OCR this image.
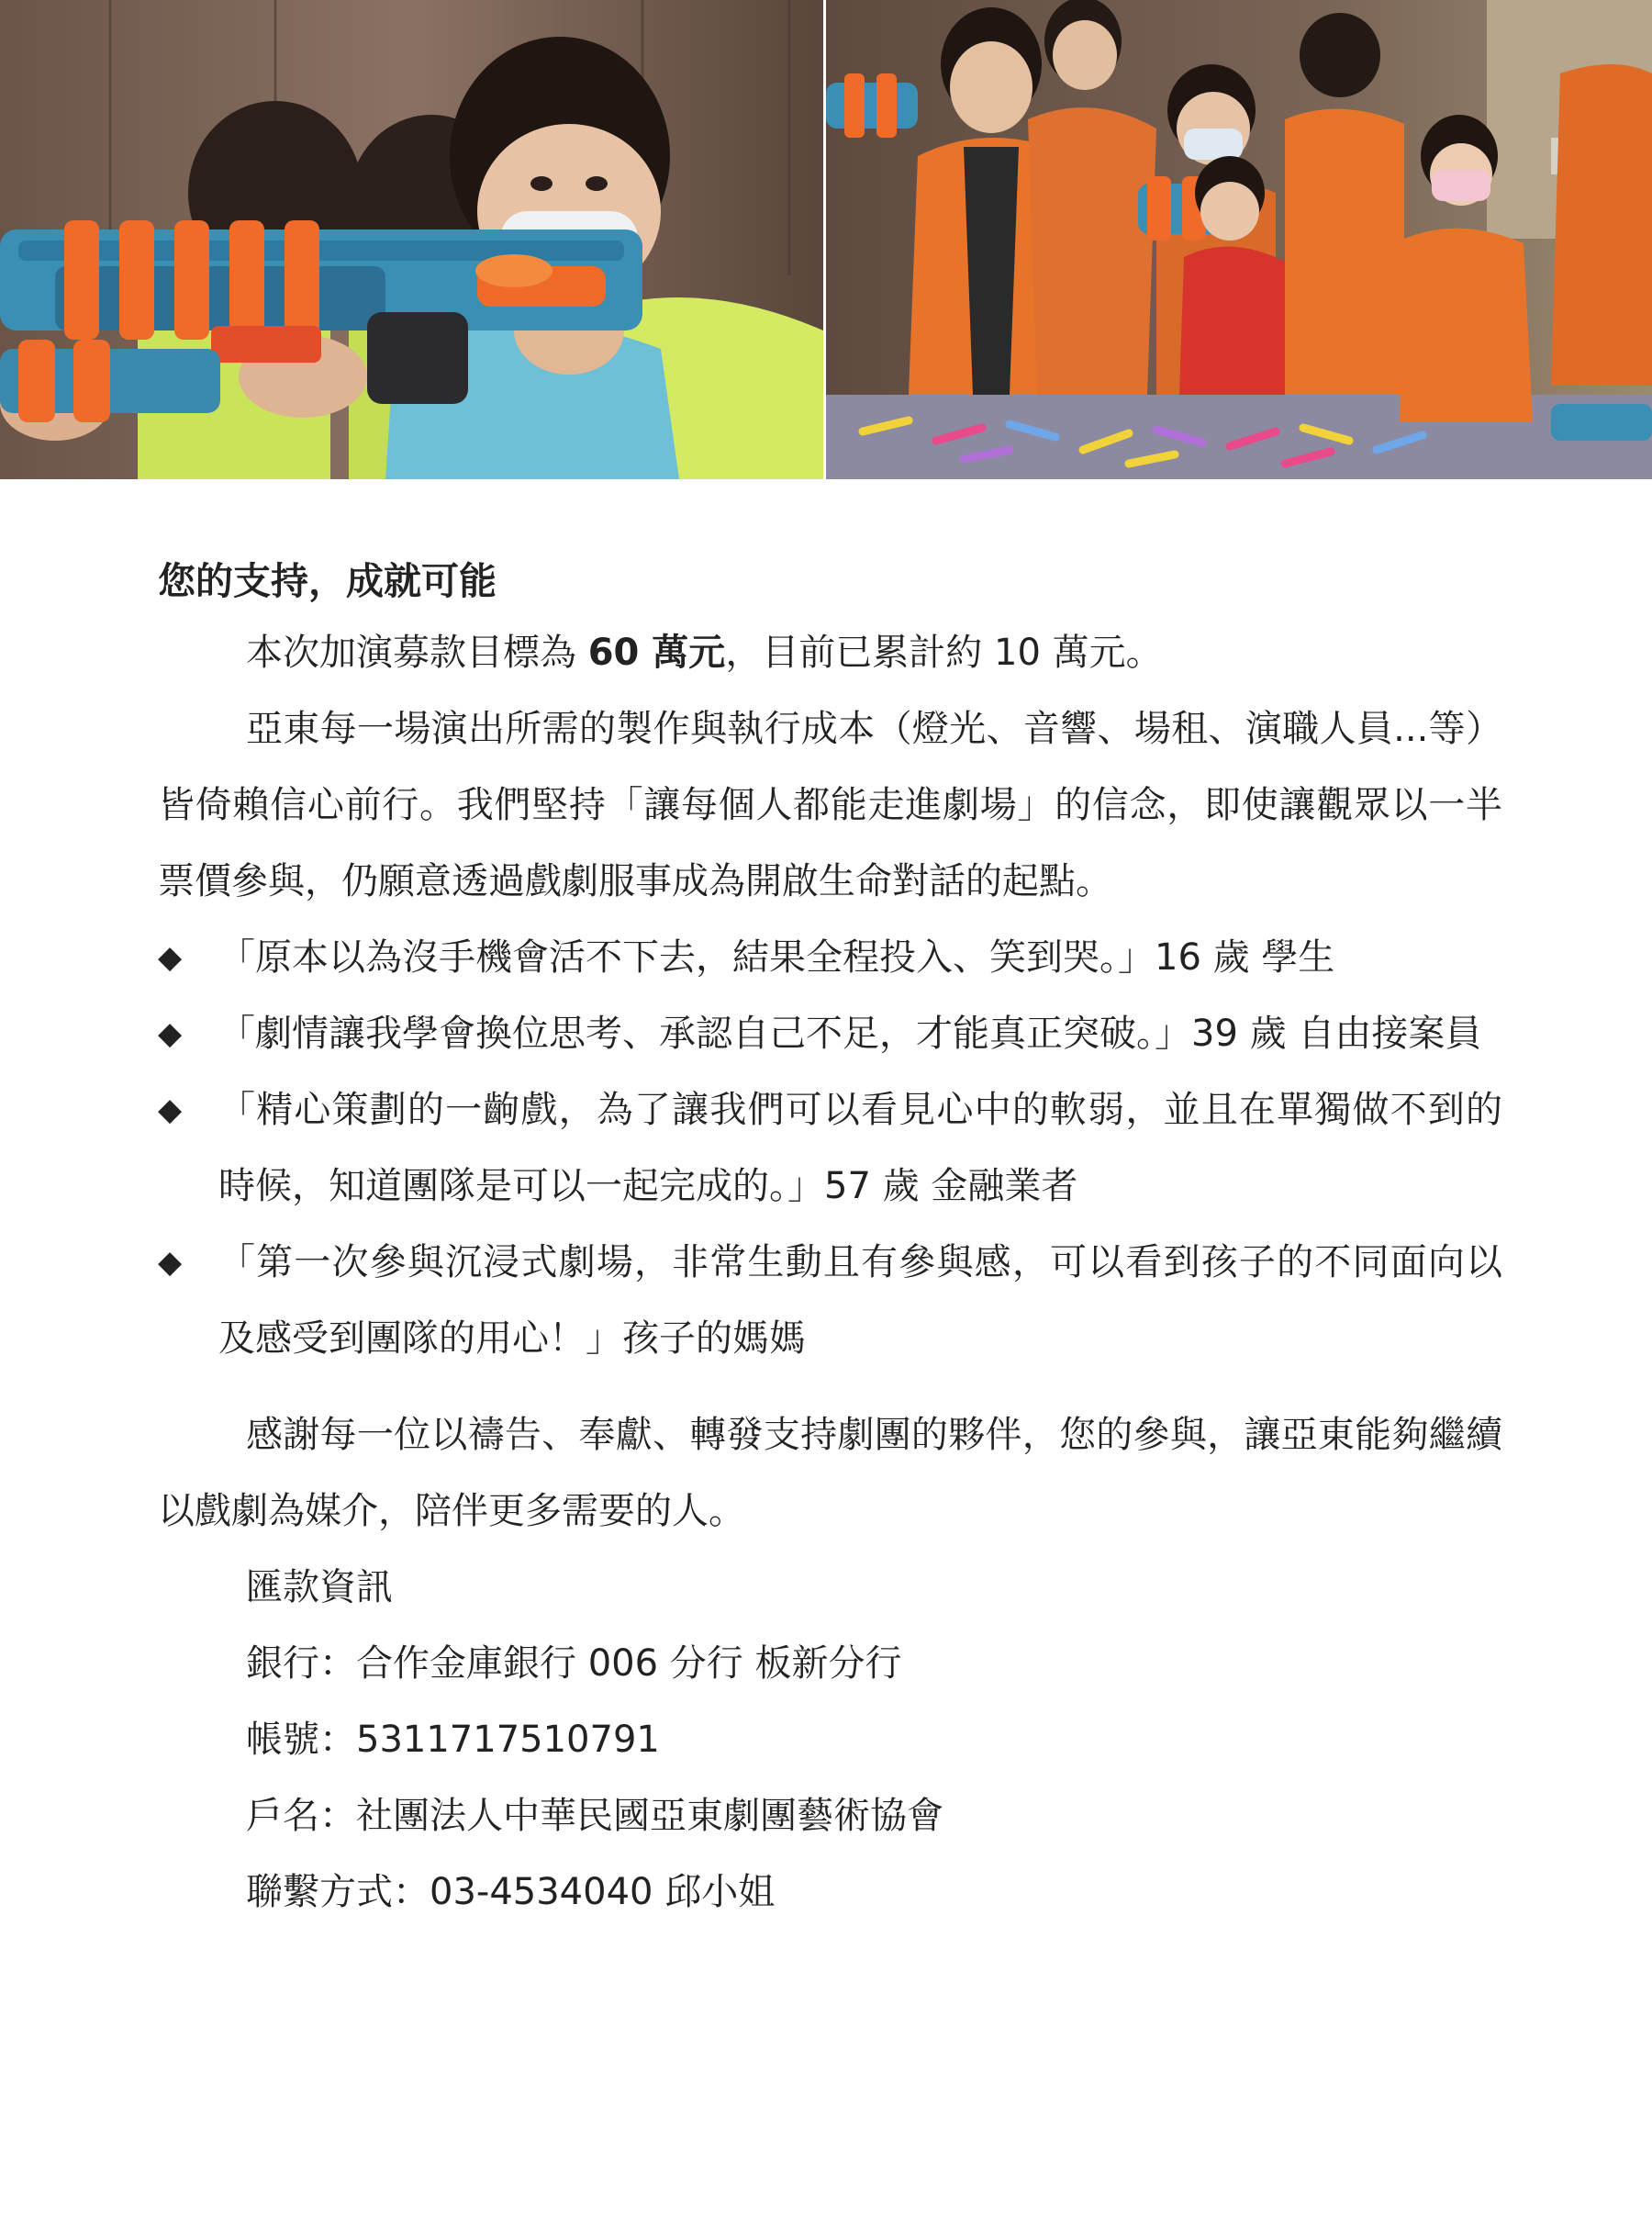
您的支持，成就可能

本次加演募款目標為 60 萬元，目前已累計約 10 萬元。

亞東每一場演出所需的製作與執行成本（燈光、音響、場租、演職人員...等）皆倚賴信心前行。我們堅持「讓每個人都能走進劇場」的信念，即使讓觀眾以一半票價參與，仍願意透過戲劇服事成為開啟生命對話的起點。

◆ 「原本以為沒手機會活不下去，結果全程投入、笑到哭。」16 歲 學生
◆ 「劇情讓我學會換位思考、承認自己不足，才能真正突破。」39 歲 自由接案員
◆ 「精心策劃的一齣戲，為了讓我們可以看見心中的軟弱，並且在單獨做不到的時候，知道團隊是可以一起完成的。」57 歲 金融業者
◆ 「第一次參與沉浸式劇場，非常生動且有參與感，可以看到孩子的不同面向以及感受到團隊的用心！」孩子的媽媽

感謝每一位以禱告、奉獻、轉發支持劇團的夥伴，您的參與，讓亞東能夠繼續以戲劇為媒介，陪伴更多需要的人。

匯款資訊
銀行：合作金庫銀行 006 分行 板新分行
帳號：5311717510791
戶名：社團法人中華民國亞東劇團藝術協會
聯繫方式：03-4534040 邱小姐
